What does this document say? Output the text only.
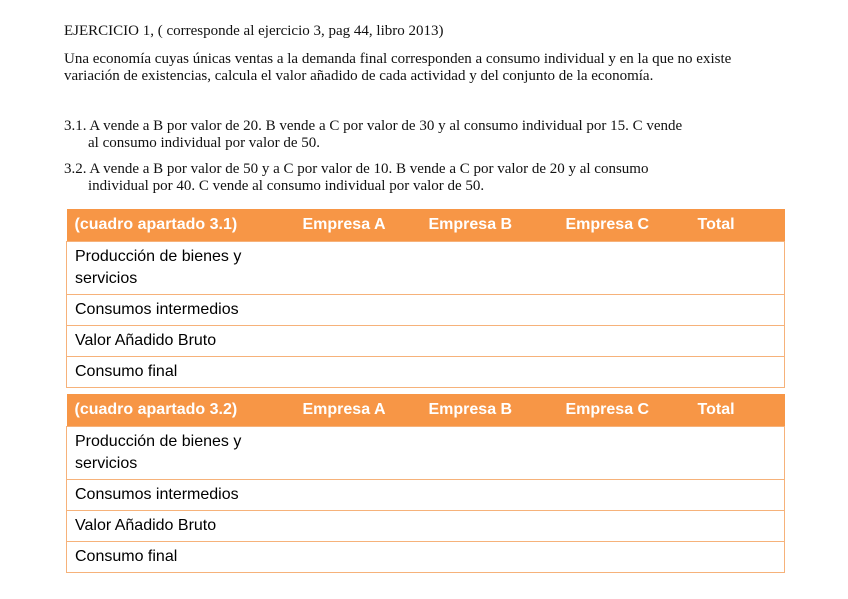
EJERCICIO 1, ( corresponde al ejercicio 3, pag 44, libro 2013)
Una economía cuyas únicas ventas a la demanda final corresponden a consumo individual y en la que no existe variación de existencias, calcula el valor añadido de cada actividad y del conjunto de la economía.
3.1. A vende a B por valor de 20. B vende a C por valor de 30 y al consumo individual por 15. C vende
al consumo individual por valor de 50.
3.2. A vende a B por valor de 50 y a C por valor de 10. B vende a C por valor de 20 y al consumo
individual por 40. C vende al consumo individual por valor de 50.
(cuadro apartado 3.1)	Empresa A	Empresa B	Empresa C	Total
Producción de bienes y servicios				
Consumos intermedios				
Valor Añadido Bruto				
Consumo final				
(cuadro apartado 3.2)	Empresa A	Empresa B	Empresa C	Total
Producción de bienes y servicios				
Consumos intermedios				
Valor Añadido Bruto				
Consumo final				
